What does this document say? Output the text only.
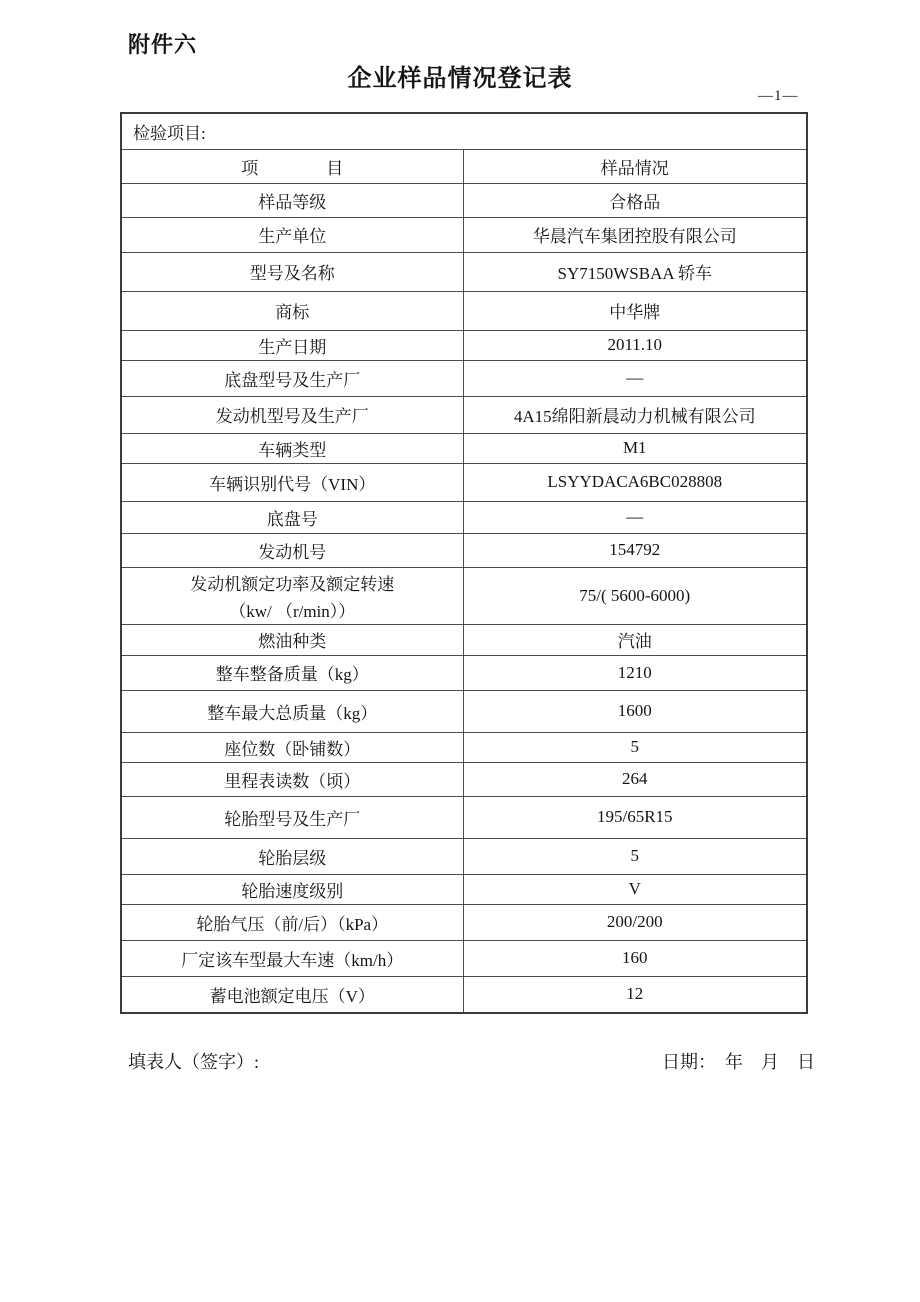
附件六
企业样品情况登记表
—1—
检验项目:	
项　　　　目	样品情况
样品等级	合格品
生产单位	华晨汽车集团控股有限公司
型号及名称	SY7150WSBAA 轿车
商标	中华牌
生产日期	2011.10
底盘型号及生产厂	—
发动机型号及生产厂	4A15绵阳新晨动力机械有限公司
车辆类型	M1
车辆识别代号（VIN）	LSYYDACA6BC028808
底盘号	—
发动机号	154792

发动机额定功率及额定转速
（kw/ （r/min））	75/( 5600-6000)
燃油种类	汽油
整车整备质量（kg）	1210
整车最大总质量（kg）	1600
座位数（卧铺数）	5
里程表读数（顷）	264
轮胎型号及生产厂	195/65R15
轮胎层级	5
轮胎速度级别	V
轮胎气压（前/后）（kPa）	200/200
厂定该车型最大车速（km/h）	160
蓄电池额定电压（V）	12
填表人（签字）:	日期：　年　月　日
